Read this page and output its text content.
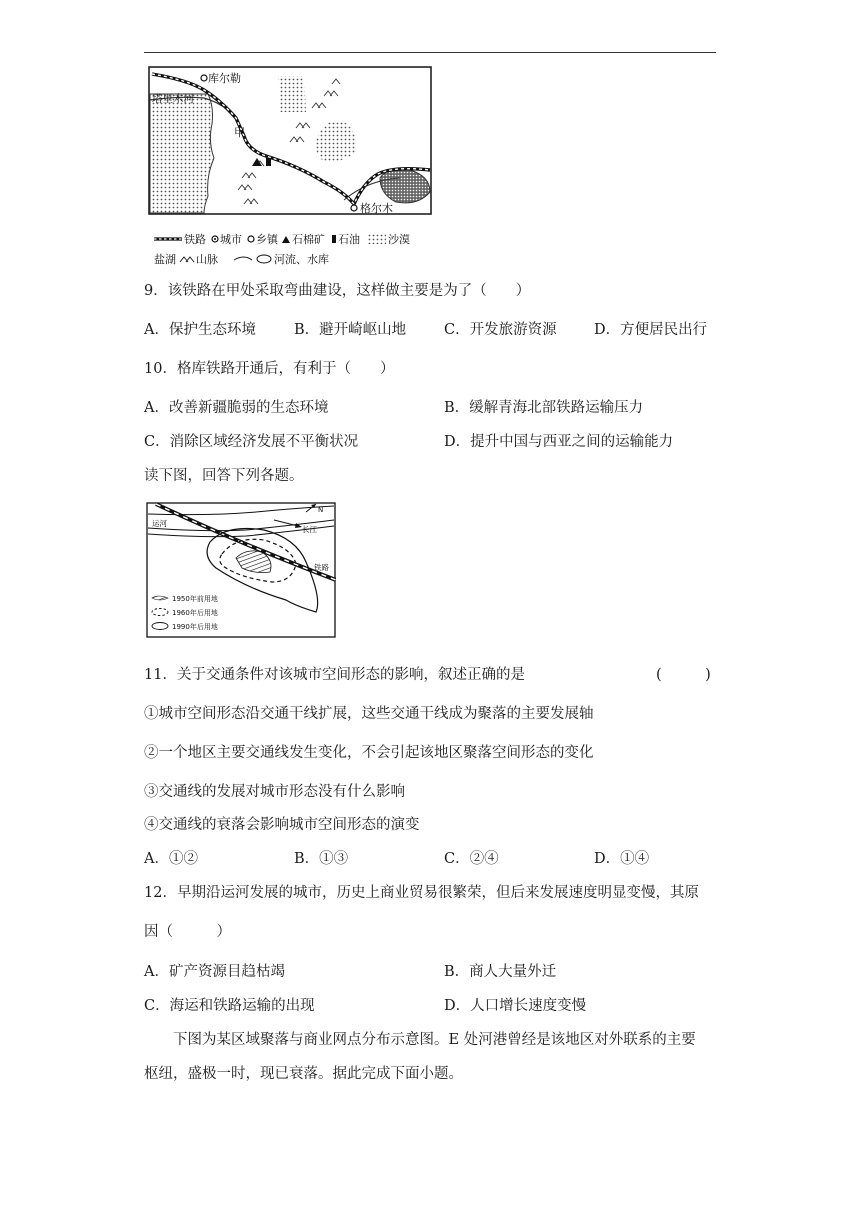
库尔勒
塔里木河
甲
格尔木
铁路 城市 乡镇 石棉矿 石油	沙漠
盐湖 山脉	河流、水库
9．该铁路在甲处采取弯曲建设，这样做主要是为了（　　）
A．保护生态环境	B．避开崎岖山地	C．开发旅游资源	D．方便居民出行
10．格库铁路开通后，有利于（　　）
A．改善新疆脆弱的生态环境	B．缓解青海北部铁路运输压力
C．消除区域经济发展不平衡状况	D．提升中国与西亚之间的运输能力
读下图，回答下列各题。
N
长江
运河
铁路
1950年前用地
1960年后用地
1990年后用地
11．关于交通条件对该城市空间形态的影响，叙述正确的是	(　　　)
①城市空间形态沿交通干线扩展，这些交通干线成为聚落的主要发展轴
②一个地区主要交通线发生变化，不会引起该地区聚落空间形态的变化
③交通线的发展对城市形态没有什么影响
④交通线的衰落会影响城市空间形态的演变
A．①②	B．①③	C．②④	D．①④
12．早期沿运河发展的城市，历史上商业贸易很繁荣，但后来发展速度明显变慢，其原
因（　　　）
A．矿产资源目趋枯竭	B．商人大量外迁
C．海运和铁路运输的出现	D．人口增长速度变慢
下图为某区域聚落与商业网点分布示意图。E 处河港曾经是该地区对外联系的主要
枢纽，盛极一时，现已衰落。据此完成下面小题。
